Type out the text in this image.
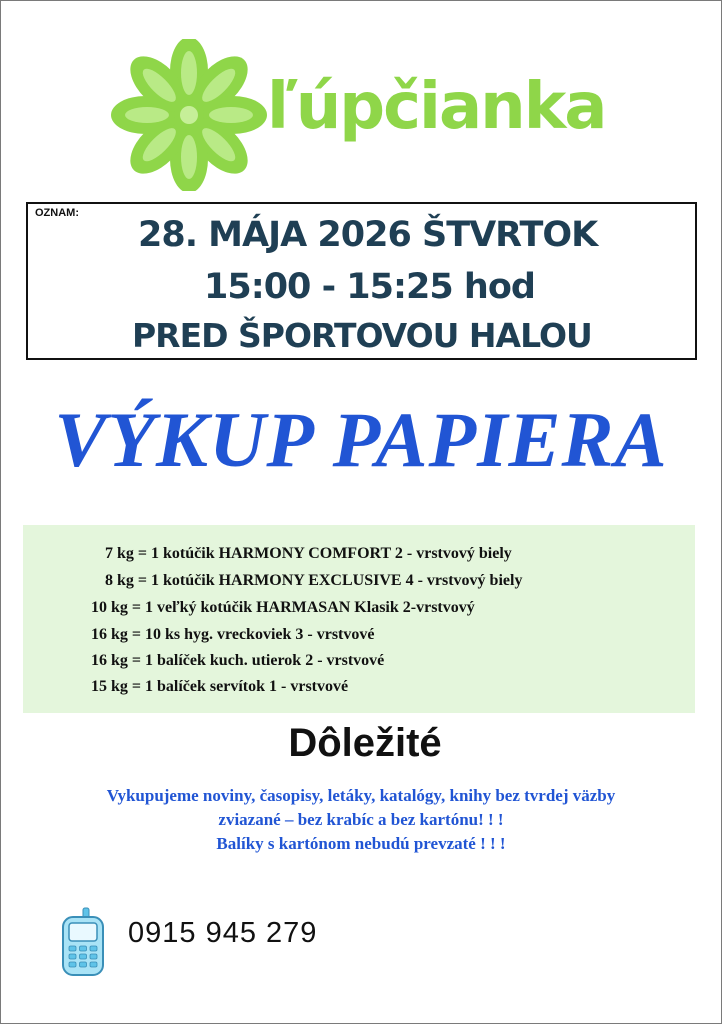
ľúpčianka
OZNAM:
28. MÁJA 2026 ŠTVRTOK
15:00 - 15:25 hod
PRED ŠPORTOVOU HALOU
VÝKUP PAPIERA
7 kg = 1 kotúčik HARMONY COMFORT 2 - vrstvový biely
8 kg = 1 kotúčik HARMONY EXCLUSIVE 4 - vrstvový biely
10 kg = 1 veľký kotúčik HARMASAN Klasik 2-vrstvový
16 kg = 10 ks hyg. vreckoviek 3 - vrstvové
16 kg = 1 balíček kuch. utierok 2 - vrstvové
15 kg = 1 balíček servítok 1 - vrstvové
Dôležité
Vykupujeme noviny, časopisy, letáky, katalógy, knihy bez tvrdej väzby
zviazané – bez krabíc a bez kartónu! ! !
Balíky s kartónom nebudú prevzaté ! ! !
0915 945 279
